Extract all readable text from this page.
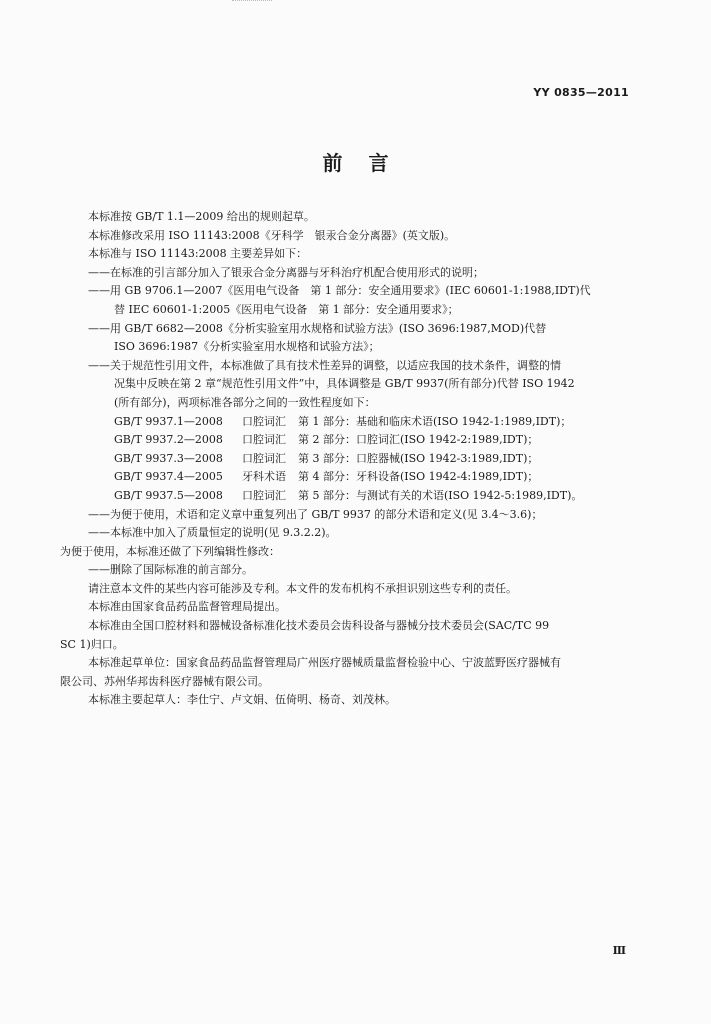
YY 0835—2011
前言
本标准按 GB/T 1.1—2009 给出的规则起草。
本标准修改采用 ISO 11143:2008《牙科学　银汞合金分离器》(英文版)。
本标准与 ISO 11143:2008 主要差异如下：
——在标准的引言部分加入了银汞合金分离器与牙科治疗机配合使用形式的说明；
——用 GB 9706.1—2007《医用电气设备　第 1 部分：安全通用要求》(IEC 60601-1:1988,IDT)代
替 IEC 60601-1:2005《医用电气设备　第 1 部分：安全通用要求》；
——用 GB/T 6682—2008《分析实验室用水规格和试验方法》(ISO 3696:1987,MOD)代替
ISO 3696:1987《分析实验室用水规格和试验方法》；
——关于规范性引用文件，本标准做了具有技术性差异的调整，以适应我国的技术条件，调整的情
况集中反映在第 2 章“规范性引用文件”中，具体调整是 GB/T 9937(所有部分)代替 ISO 1942
(所有部分)，两项标准各部分之间的一致性程度如下：
GB/T 9937.1—2008	口腔词汇	第 1 部分：基础和临床术语(ISO 1942-1:1989,IDT)；
GB/T 9937.2—2008	口腔词汇	第 2 部分：口腔词汇(ISO 1942-2:1989,IDT)；
GB/T 9937.3—2008	口腔词汇	第 3 部分：口腔器械(ISO 1942-3:1989,IDT)；
GB/T 9937.4—2005	牙科术语	第 4 部分：牙科设备(ISO 1942-4:1989,IDT)；
GB/T 9937.5—2008	口腔词汇	第 5 部分：与测试有关的术语(ISO 1942-5:1989,IDT)。
——为便于使用，术语和定义章中重复列出了 GB/T 9937 的部分术语和定义(见 3.4～3.6)；
——本标准中加入了质量恒定的说明(见 9.3.2.2)。
为便于使用，本标准还做了下列编辑性修改：
——删除了国际标准的前言部分。
请注意本文件的某些内容可能涉及专利。本文件的发布机构不承担识别这些专利的责任。
本标准由国家食品药品监督管理局提出。
本标准由全国口腔材料和器械设备标准化技术委员会齿科设备与器械分技术委员会(SAC/TC 99
SC 1)归口。
本标准起草单位：国家食品药品监督管理局广州医疗器械质量监督检验中心、宁波蓝野医疗器械有
限公司、苏州华邦齿科医疗器械有限公司。
本标准主要起草人：李仕宁、卢文娟、伍倚明、杨奇、刘茂林。
Ⅲ
